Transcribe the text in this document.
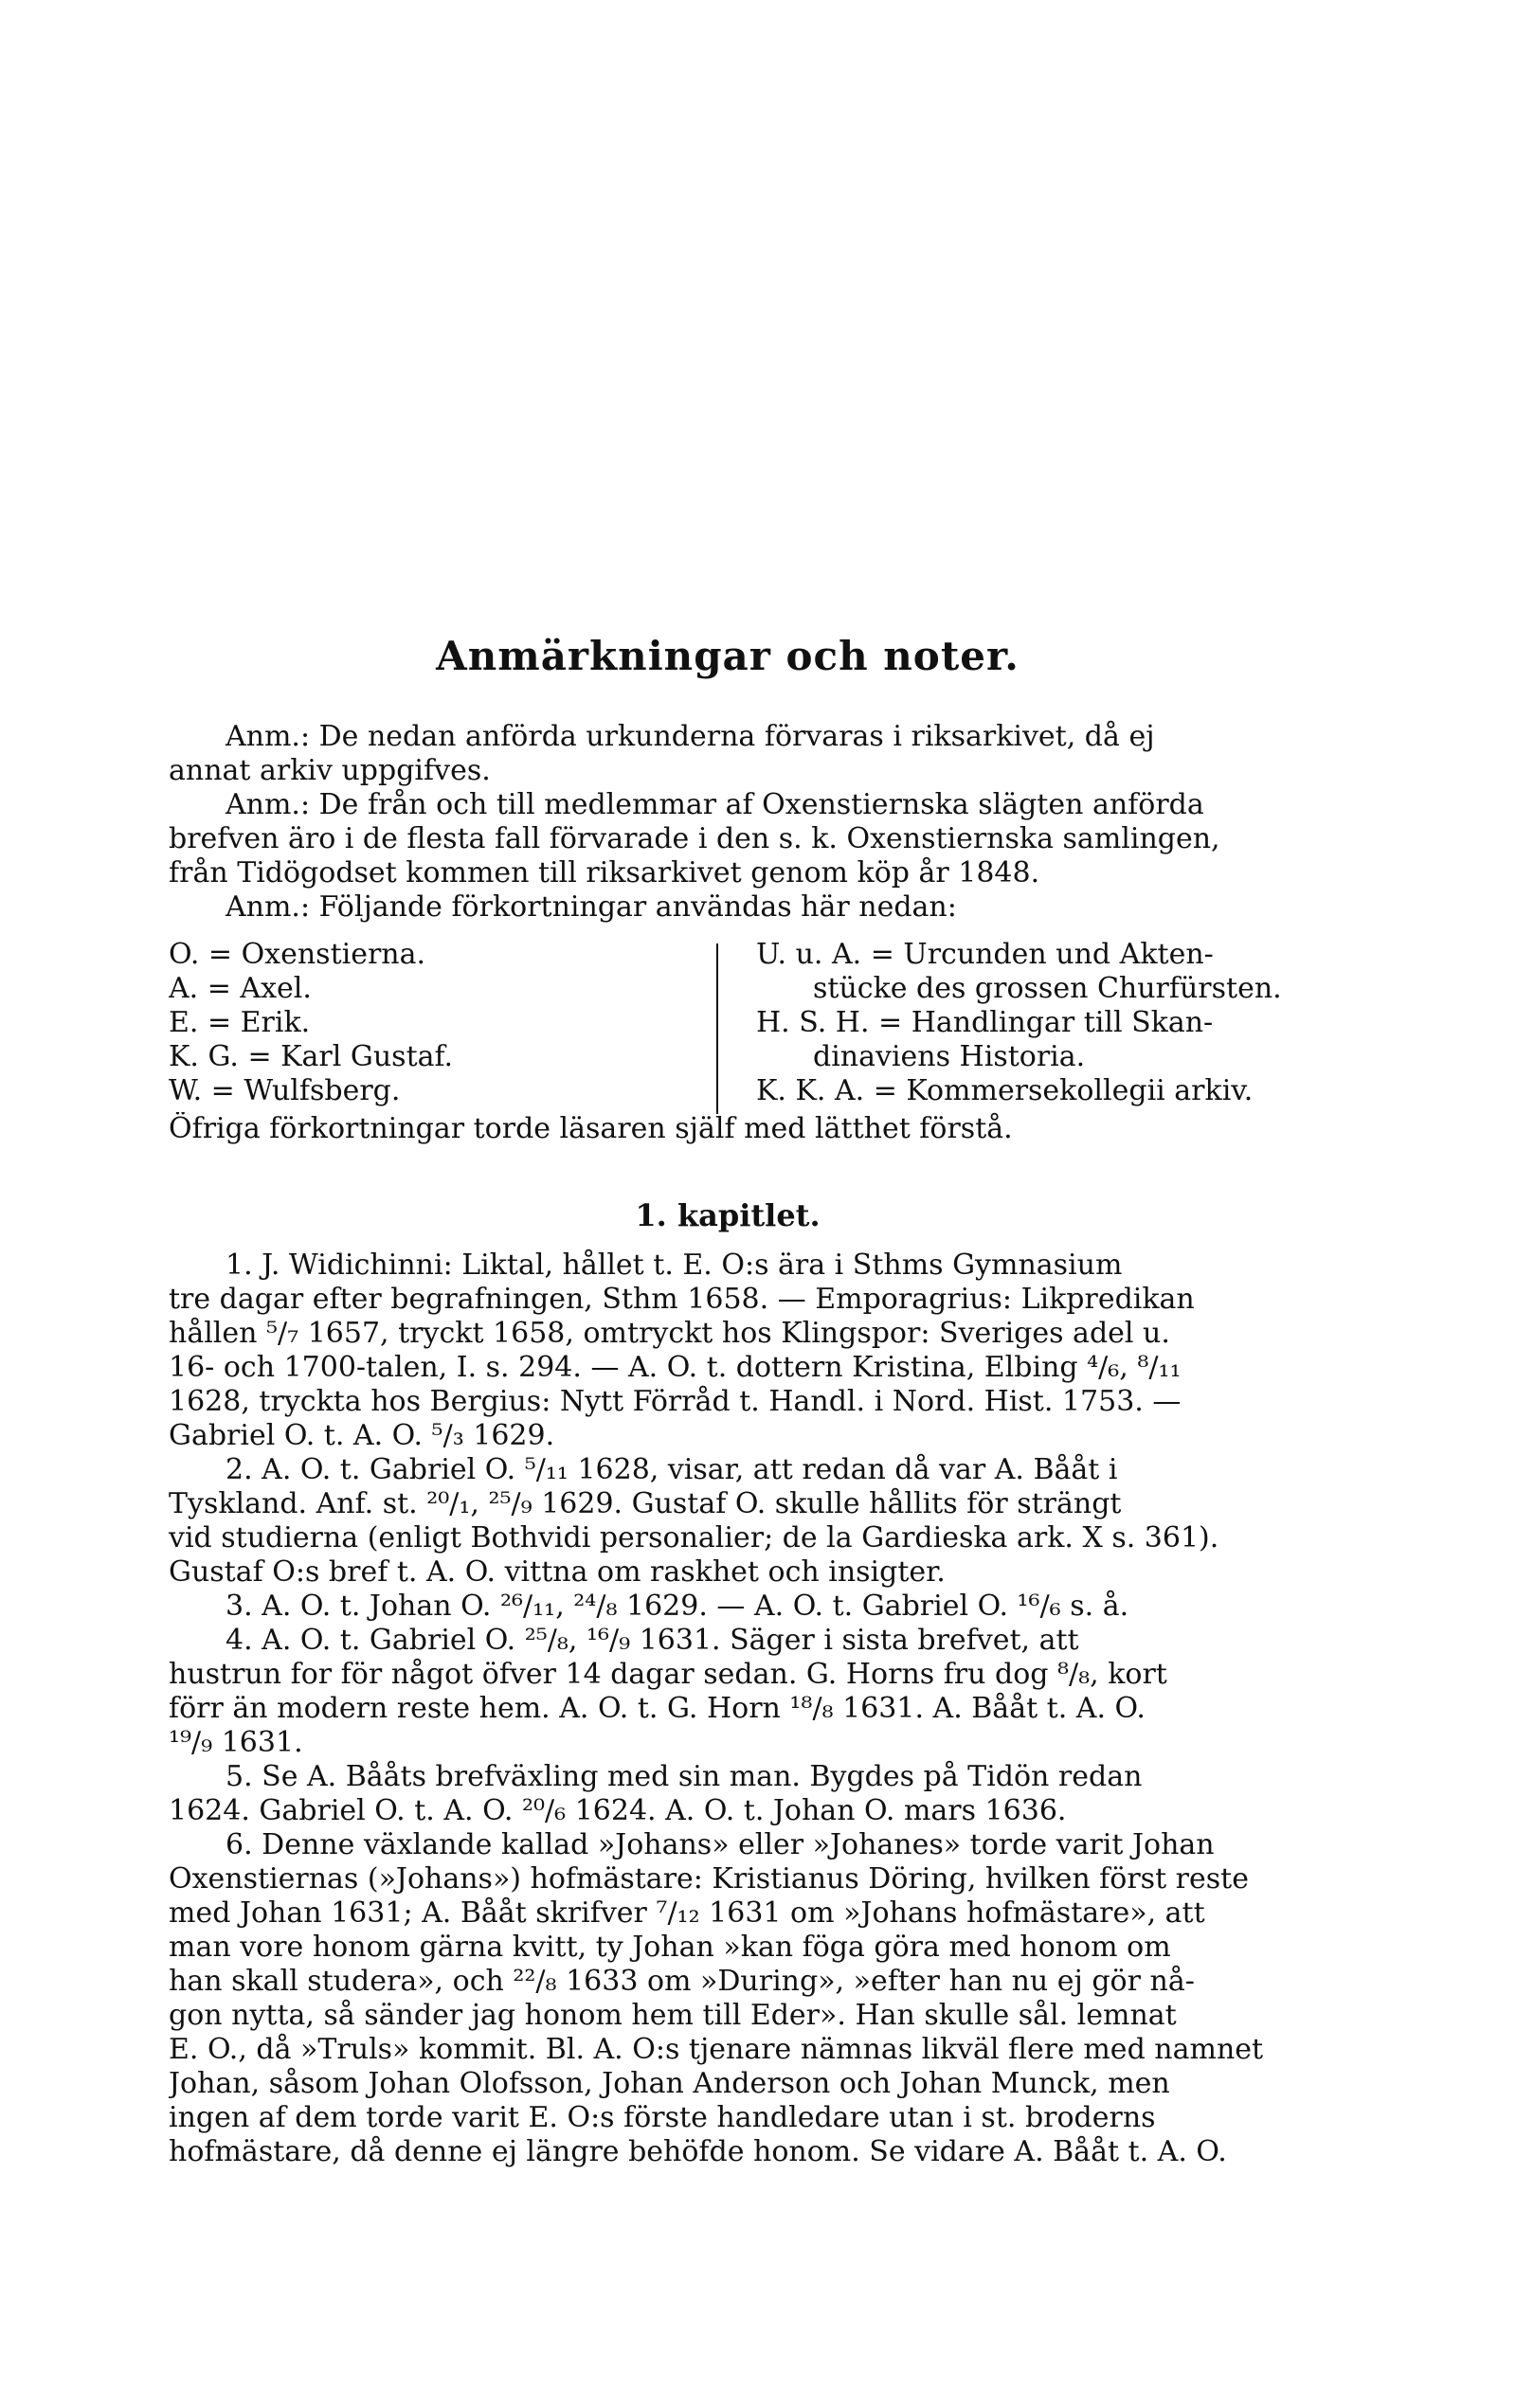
Anmärkningar och noter.
Anm.: De nedan anförda urkunderna förvaras i riksarkivet, då ej
annat arkiv uppgifves.
Anm.: De från och till medlemmar af Oxenstiernska slägten anförda
brefven äro i de flesta fall förvarade i den s. k. Oxenstiernska samlingen,
från Tidögodset kommen till riksarkivet genom köp år 1848.
Anm.: Följande förkortningar användas här nedan:
O. = Oxenstierna.
A. = Axel.
E. = Erik.
K. G. = Karl Gustaf.
W. = Wulfsberg.
U. u. A. = Urcunden und Akten-
stücke des grossen Churfürsten.
H. S. H. = Handlingar till Skan-
dinaviens Historia.
K. K. A. = Kommersekollegii arkiv.
Öfriga förkortningar torde läsaren själf med lätthet förstå.
1. kapitlet.
1. J. Widichinni: Liktal, hållet t. E. O:s ära i Sthms Gymnasium
tre dagar efter begrafningen, Sthm 1658. — Emporagrius: Likpredikan
hållen ⁵/₇ 1657, tryckt 1658, omtryckt hos Klingspor: Sveriges adel u.
16- och 1700-talen, I. s. 294. — A. O. t. dottern Kristina, Elbing ⁴/₆, ⁸/₁₁
1628, tryckta hos Bergius: Nytt Förråd t. Handl. i Nord. Hist. 1753. —
Gabriel O. t. A. O. ⁵/₃ 1629.
2. A. O. t. Gabriel O. ⁵/₁₁ 1628, visar, att redan då var A. Bååt i
Tyskland. Anf. st. ²⁰/₁, ²⁵/₉ 1629. Gustaf O. skulle hållits för strängt
vid studierna (enligt Bothvidi personalier; de la Gardieska ark. X s. 361).
Gustaf O:s bref t. A. O. vittna om raskhet och insigter.
3. A. O. t. Johan O. ²⁶/₁₁, ²⁴/₈ 1629. — A. O. t. Gabriel O. ¹⁶/₆ s. å.
4. A. O. t. Gabriel O. ²⁵/₈, ¹⁶/₉ 1631. Säger i sista brefvet, att
hustrun for för något öfver 14 dagar sedan. G. Horns fru dog ⁸/₈, kort
förr än modern reste hem. A. O. t. G. Horn ¹⁸/₈ 1631. A. Bååt t. A. O.
¹⁹/₉ 1631.
5. Se A. Bååts brefväxling med sin man. Bygdes på Tidön redan
1624. Gabriel O. t. A. O. ²⁰/₆ 1624. A. O. t. Johan O. mars 1636.
6. Denne växlande kallad »Johans» eller »Johanes» torde varit Johan
Oxenstiernas (»Johans») hofmästare: Kristianus Döring, hvilken först reste
med Johan 1631; A. Bååt skrifver ⁷/₁₂ 1631 om »Johans hofmästare», att
man vore honom gärna kvitt, ty Johan »kan föga göra med honom om
han skall studera», och ²²/₈ 1633 om »During», »efter han nu ej gör nå-
gon nytta, så sänder jag honom hem till Eder». Han skulle sål. lemnat
E. O., då »Truls» kommit. Bl. A. O:s tjenare nämnas likväl flere med namnet
Johan, såsom Johan Olofsson, Johan Anderson och Johan Munck, men
ingen af dem torde varit E. O:s förste handledare utan i st. broderns
hofmästare, då denne ej längre behöfde honom. Se vidare A. Bååt t. A. O.
